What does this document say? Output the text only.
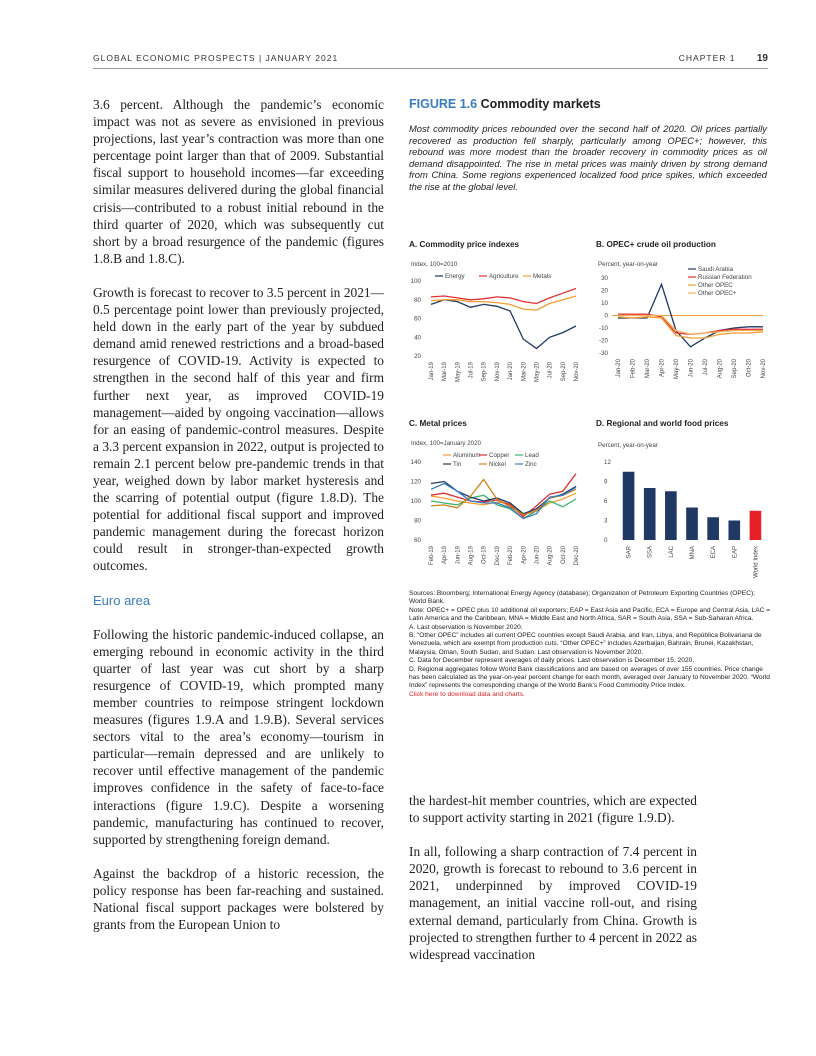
GLOBAL ECONOMIC PROSPECTS | JANUARY 2021	CHAPTER 1 19

3.6 percent. Although the pandemic’s economic impact was not as severe as envisioned in previous projections, last year’s contraction was more than one percentage point larger than that of 2009. Substantial fiscal support to household incomes—far exceeding similar measures delivered during the global financial crisis—contributed to a robust initial rebound in the third quarter of 2020, which was subsequently cut short by a broad resurgence of the pandemic (figures 1.8.B and 1.8.C).

Growth is forecast to recover to 3.5 percent in 2021—0.5 percentage point lower than previously projected, held down in the early part of the year by subdued demand amid renewed restrictions and a broad-based resurgence of COVID-19. Activity is expected to strengthen in the second half of this year and firm further next year, as improved COVID-19 management—aided by ongoing vaccination—allows for an easing of pandemic-control measures. Despite a 3.3 percent expansion in 2022, output is projected to remain 2.1 percent below pre-pandemic trends in that year, weighed down by labor market hysteresis and the scarring of potential output (figure 1.8.D). The potential for additional fiscal support and improved pandemic management during the forecast horizon could result in stronger-than-expected growth outcomes.

Euro area

Following the historic pandemic-induced collapse, an emerging rebound in economic activity in the third quarter of last year was cut short by a sharp resurgence of COVID-19, which prompted many member countries to reimpose stringent lockdown measures (figures 1.9.A and 1.9.B). Several services sectors vital to the area’s economy—tourism in particular—remain depressed and are unlikely to recover until effective management of the pandemic improves confidence in the safety of face-to-face interactions (figure 1.9.C). Despite a worsening pandemic, manufacturing has continued to recover, supported by strengthening foreign demand.

Against the backdrop of a historic recession, the policy response has been far-reaching and sustained. National fiscal support packages were bolstered by grants from the European Union to

the hardest-hit member countries, which are expected to support activity starting in 2021 (figure 1.9.D).

In all, following a sharp contraction of 7.4 percent in 2020, growth is forecast to rebound to 3.6 percent in 2021, underpinned by improved COVID-19 management, an initial vaccine roll-out, and rising external demand, particularly from China. Growth is projected to strengthen further to 4 percent in 2022 as widespread vaccination

FIGURE 1.6 Commodity markets
Most commodity prices rebounded over the second half of 2020. Oil prices partially recovered as production fell sharply, particularly among OPEC+; however, this rebound was more modest than the broader recovery in commodity prices as oil demand disappointed. The rise in metal prices was mainly driven by strong demand from China. Some regions experienced localized food price spikes, which exceeded the rise at the global level.
A. Commodity price indexes	B. OPEC+ crude oil production
C. Metal prices	D. Regional and world food prices
Index, 100=2010
20
40
60
80
100
Jan-19 Mar-19 May-19 Jul-19 Sep-19 Nov-19 Jan-20 Mar-20 May-20 Jul-20 Sep-20 Nov-20
Energy	Agriculture Metals
Percent, year-on-year
-30
-20
-10
0
10
20
30
Jan-20 Feb-20 Mar-20 Apr-20 May-20 Jun-20 Jul-20 Aug-20 Sep-20 Oct-20 Nov-20
Saudi Arabia
Russian Federation
Other OPEC
Other OPEC+
Index, 100=January 2020
60
80
100
120
140
Feb-19 Apr-19 Jun-19 Aug-19 Oct-19 Dec-19 Feb-20 Apr-20 Jun-20 Aug-20 Oct-20 Dec-20
Aluminum Copper	Lead
Tin	Nickel	Zinc
Percent, year-on-year
0
3
6
9
12
SAR	SSA	LAC	MNA	ECA	EAP	World Index
Sources: Bloomberg; International Energy Agency (database); Organization of Petroleum Exporting Countries (OPEC); World Bank.
Note: OPEC+ = OPEC plus 10 additional oil exporters; EAP = East Asia and Pacific, ECA = Europe and Central Asia, LAC = Latin America and the Caribbean, MNA = Middle East and North Africa, SAR = South Asia, SSA = Sub-Saharan Africa.
A. Last observation is November 2020.
B. “Other OPEC” includes all current OPEC countries except Saudi Arabia, and Iran, Libya, and República Bolivariana de Venezuela, which are exempt from production cuts. “Other OPEC+” includes Azerbaijan, Bahrain, Brunei, Kazakhstan, Malaysia, Oman, South Sudan, and Sudan. Last observation is November 2020.
C. Data for December represent averages of daily prices. Last observation is December 15, 2020.
D. Regional aggregates follow World Bank classifications and are based on averages of over 155 countries. Price change has been calculated as the year-on-year percent change for each month, averaged over January to November 2020. “World Index” represents the corresponding change of the World Bank’s Food Commodity Price Index.
Click here to download data and charts.
